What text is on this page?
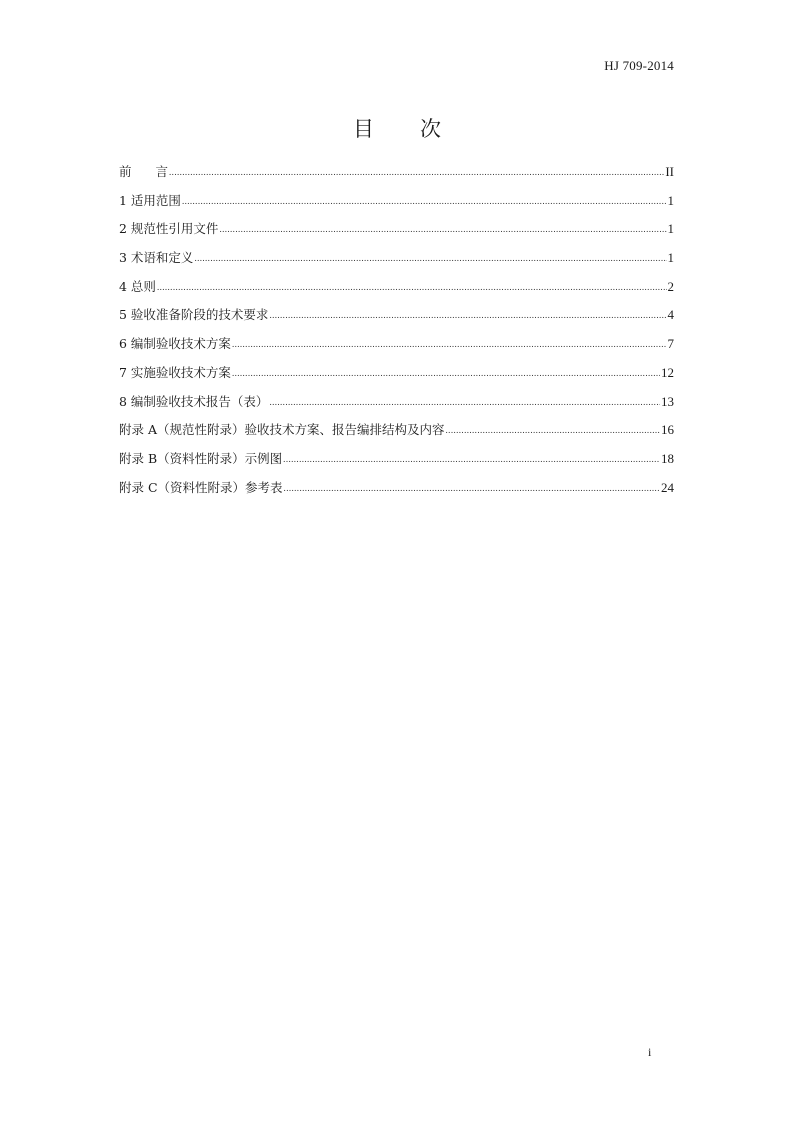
HJ 709-2014
目 次
前 言 .....	II
1 适用范围 .....	1
2 规范性引用文件 .....	1
3 术语和定义 .....	1
4 总则 .....	2
5 验收准备阶段的技术要求 .....	4
6 编制验收技术方案 .....	7
7 实施验收技术方案 .....	12
8 编制验收技术报告（表） .....	13
附录 A（规范性附录）验收技术方案、报告编排结构及内容 .....	16
附录 B（资料性附录）示例图 .....	18
附录 C（资料性附录）参考表 .....	24
i
